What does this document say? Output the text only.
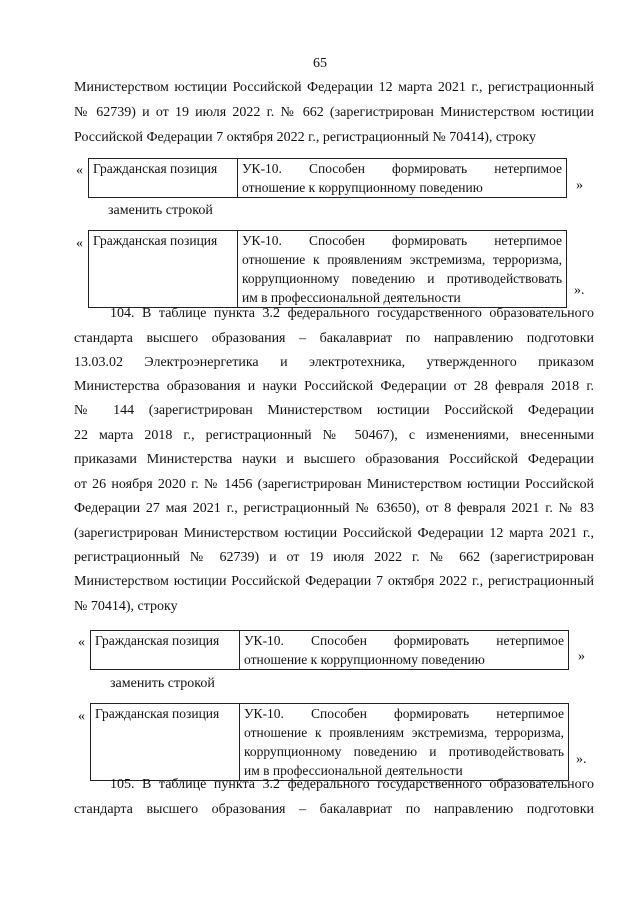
65
Министерством юстиции Российской Федерации 12 марта 2021 г., регистрационный
№ 62739) и от 19 июля 2022 г. № 662 (зарегистрирован Министерством юстиции
Российской Федерации 7 октября 2022 г., регистрационный № 70414), строку
« Гражданская позиция	УК-10. Способен формировать нетерпимое
отношение к коррупционному поведению	»
заменить строкой
« Гражданская позиция	УК-10. Способен формировать нетерпимое
отношение к проявлениям экстремизма, терроризма,
коррупционному поведению и противодействовать
им в профессиональной деятельности	».
104. В таблице пункта 3.2 федерального государственного образовательного
стандарта высшего образования – бакалавриат по направлению подготовки
13.03.02 Электроэнергетика и электротехника, утвержденного приказом
Министерства образования и науки Российской Федерации от 28 февраля 2018 г.
№ 144 (зарегистрирован Министерством юстиции Российской Федерации
22 марта 2018 г., регистрационный № 50467), с изменениями, внесенными
приказами Министерства науки и высшего образования Российской Федерации
от 26 ноября 2020 г. № 1456 (зарегистрирован Министерством юстиции Российской
Федерации 27 мая 2021 г., регистрационный № 63650), от 8 февраля 2021 г. № 83
(зарегистрирован Министерством юстиции Российской Федерации 12 марта 2021 г.,
регистрационный № 62739) и от 19 июля 2022 г. № 662 (зарегистрирован
Министерством юстиции Российской Федерации 7 октября 2022 г., регистрационный
№ 70414), строку
« Гражданская позиция	УК-10. Способен формировать нетерпимое
отношение к коррупционному поведению	»
заменить строкой
« Гражданская позиция	УК-10. Способен формировать нетерпимое
отношение к проявлениям экстремизма, терроризма,
коррупционному поведению и противодействовать
им в профессиональной деятельности
».
105. В таблице пункта 3.2 федерального государственного образовательного
стандарта высшего образования – бакалавриат по направлению подготовки
